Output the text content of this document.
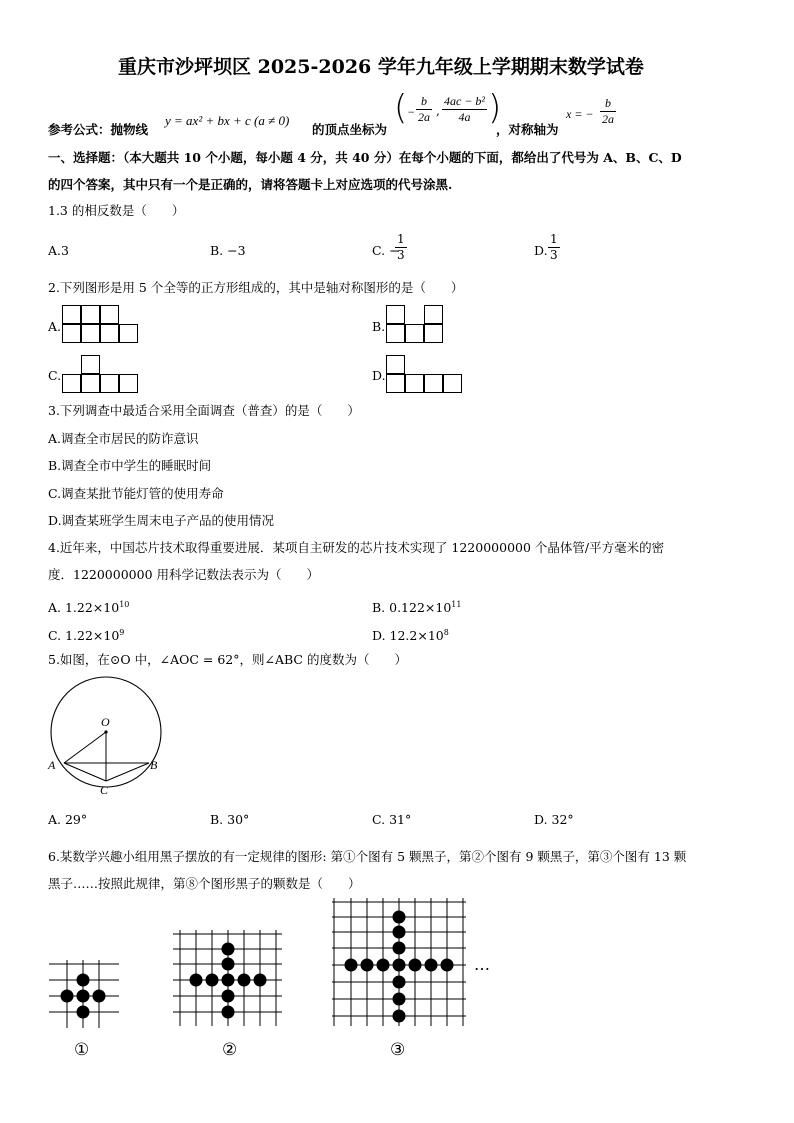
重庆市沙坪坝区 2025-2026 学年九年级上学期期末数学试卷
参考公式：抛物线
y = ax² + bx + c (a ≠ 0)
的顶点坐标为
( − $\frac{b}{2a}$ , $\frac{\text{4ac − b²}}{4a}$ )
，对称轴为
x = − $\frac{b}{2a}$
一、选择题：（本大题共 10 个小题，每小题 4 分，共 40 分）在每个小题的下面，都给出了代号为 A、B、C、D
的四个答案，其中只有一个是正确的，请将答题卡上对应选项的代号涂黑.
1.3 的相反数是（　　）
A.3	B. −3	C. −
$\frac{1}{3}$	D. $\frac{1}{3}$
2.下列图形是用 5 个全等的正方形组成的，其中是轴对称图形的是（　　）
A.	B.
C.	D.
3.下列调查中最适合采用全面调查（普查）的是（　　）
A.调查全市居民的防诈意识
B.调查全市中学生的睡眠时间
C.调查某批节能灯管的使用寿命
D.调查某班学生周末电子产品的使用情况
4.近年来，中国芯片技术取得重要进展．某项自主研发的芯片技术实现了 1220000000 个晶体管/平方毫米的密
度．1220000000 用科学记数法表示为（　　）
A. $1.22\times 10^{10}$	B. $0.122\times 10^{11}$
C. $1.22\times 10^9$	D. $12.2\times 10^8$
5.如图，在⊙O 中，∠AOC = 62°，则∠ABC 的度数为（　　）
O
A	B
C
A. 29°	B. 30°	C. 31°	D. 32°
6.某数学兴趣小组用黑子摆放的有一定规律的图形: 第①个图有 5 颗黑子，第②个图有 9 颗黑子，第③个图有 13 颗
黑子……按照此规律，第⑧个图形黑子的颗数是（　　）
①	②
…
③
